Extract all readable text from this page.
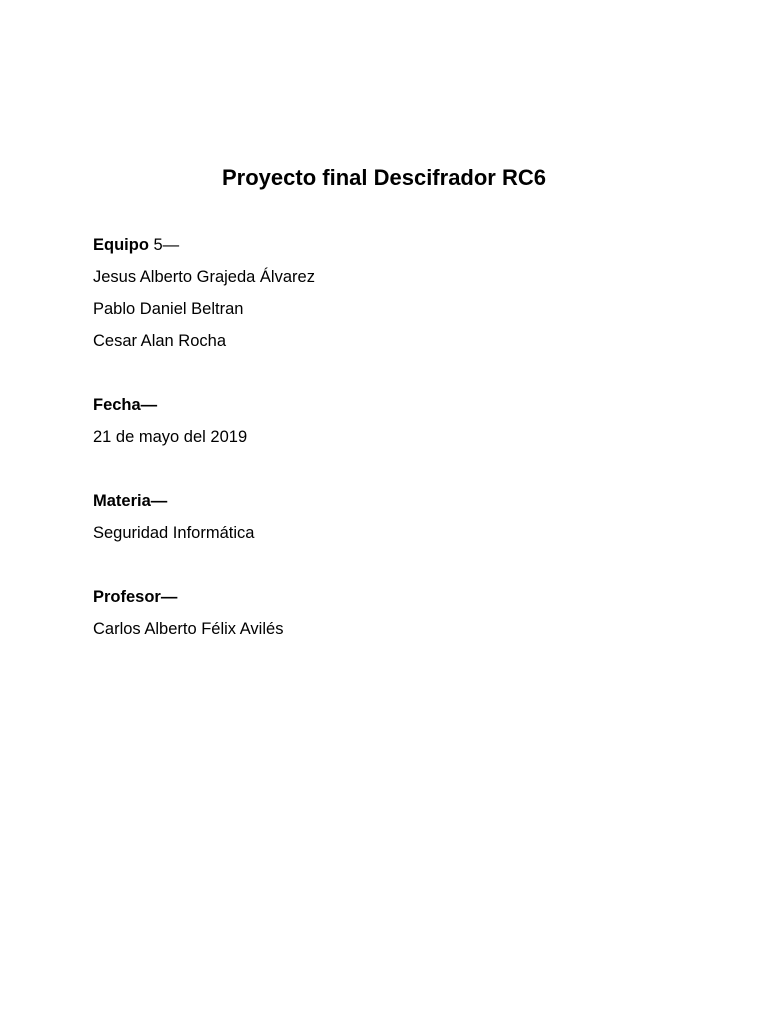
Proyecto final Descifrador RC6

Equipo 5—

Jesus Alberto Grajeda Álvarez

Pablo Daniel Beltran

Cesar Alan Rocha

Fecha—

21 de mayo del 2019

Materia—

Seguridad Informática

Profesor—

Carlos Alberto Félix Avilés
